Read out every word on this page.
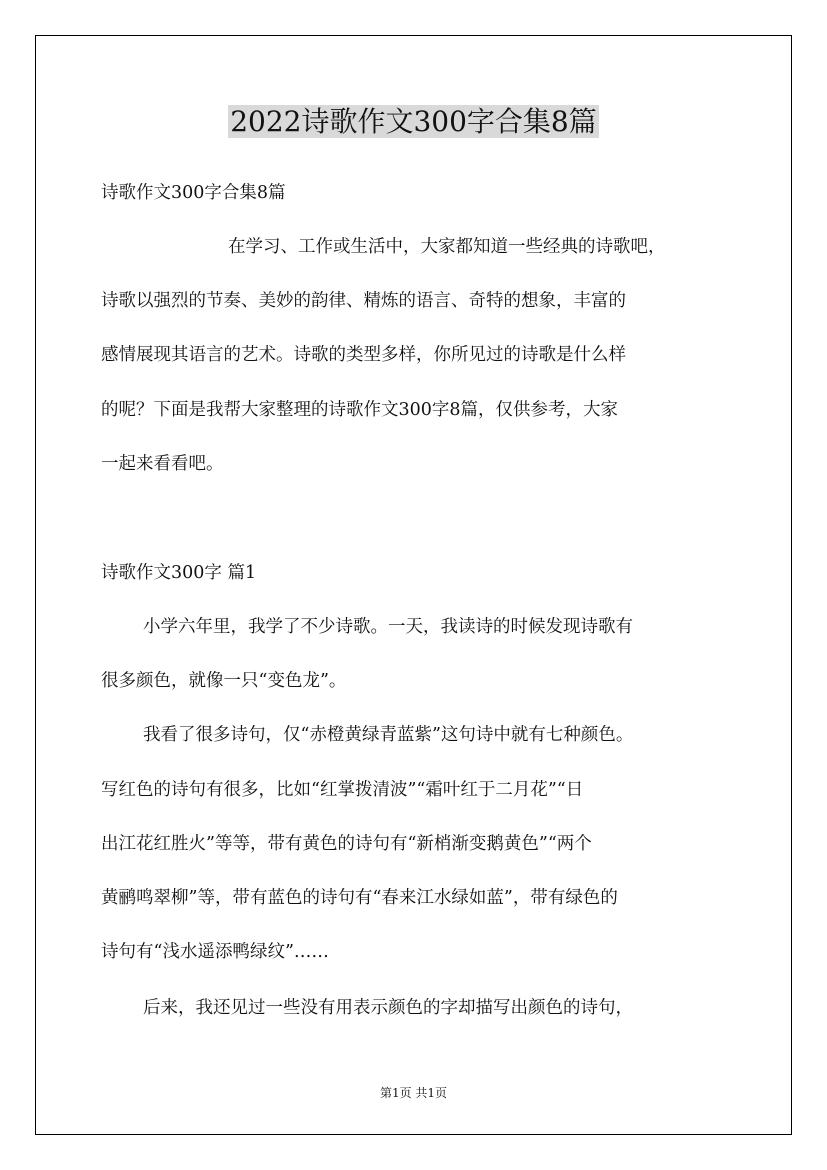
2022诗歌作文300字合集8篇

诗歌作文300字合集8篇

在学习、工作或生活中，大家都知道一些经典的诗歌吧，

诗歌以强烈的节奏、美妙的韵律、精炼的语言、奇特的想象，丰富的

感情展现其语言的艺术。诗歌的类型多样，你所见过的诗歌是什么样

的呢？下面是我帮大家整理的诗歌作文300字8篇，仅供参考，大家

一起来看看吧。

诗歌作文300字 篇1

小学六年里，我学了不少诗歌。一天，我读诗的时候发现诗歌有

很多颜色，就像一只“变色龙”。

我看了很多诗句，仅“赤橙黄绿青蓝紫”这句诗中就有七种颜色。

写红色的诗句有很多，比如“红掌拨清波”“霜叶红于二月花”“日

出江花红胜火”等等，带有黄色的诗句有“新梢渐变鹅黄色”“两个

黄鹂鸣翠柳”等，带有蓝色的诗句有“春来江水绿如蓝”，带有绿色的

诗句有“浅水遥添鸭绿纹”……

后来，我还见过一些没有用表示颜色的字却描写出颜色的诗句，

第1页 共1页
